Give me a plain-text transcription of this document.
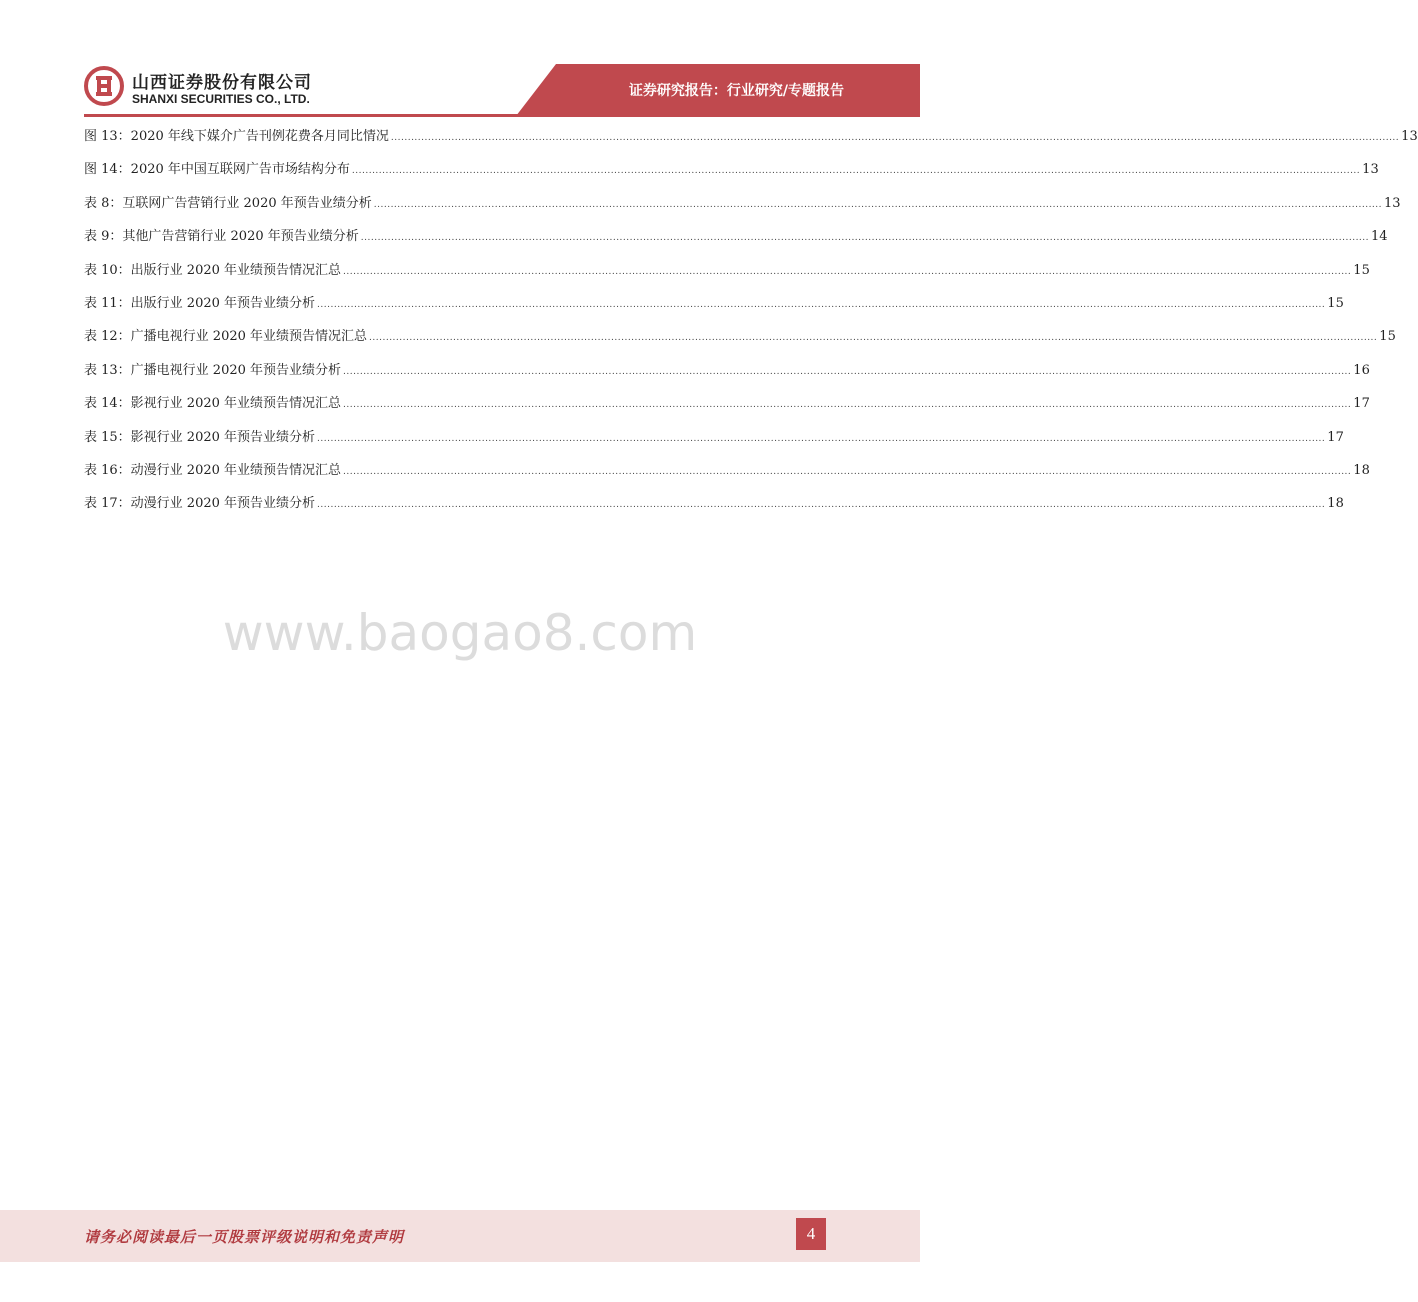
山西证券股份有限公司
SHANXI SECURITIES CO., LTD.	证券研究报告：行业研究/专题报告
图 13：2020 年线下媒介广告刊例花费各月同比情况 ............................................................................................................................................................................................................................................................................................................ 13
图 14：2020 年中国互联网广告市场结构分布 ............................................................................................................................................................................................................................................................................................................ 13
表 8：互联网广告营销行业 2020 年预告业绩分析 ............................................................................................................................................................................................................................................................................................................ 13
表 9：其他广告营销行业 2020 年预告业绩分析 ............................................................................................................................................................................................................................................................................................................ 14
表 10：出版行业 2020 年业绩预告情况汇总 ............................................................................................................................................................................................................................................................................................................ 15
表 11：出版行业 2020 年预告业绩分析 ............................................................................................................................................................................................................................................................................................................ 15
表 12：广播电视行业 2020 年业绩预告情况汇总 ............................................................................................................................................................................................................................................................................................................ 15
表 13：广播电视行业 2020 年预告业绩分析 ............................................................................................................................................................................................................................................................................................................ 16
表 14：影视行业 2020 年业绩预告情况汇总 ............................................................................................................................................................................................................................................................................................................ 17
表 15：影视行业 2020 年预告业绩分析 ............................................................................................................................................................................................................................................................................................................ 17
表 16：动漫行业 2020 年业绩预告情况汇总 ............................................................................................................................................................................................................................................................................................................ 18
表 17：动漫行业 2020 年预告业绩分析 ............................................................................................................................................................................................................................................................................................................ 18
www.baogao8.com
请务必阅读最后一页股票评级说明和免责声明	4
